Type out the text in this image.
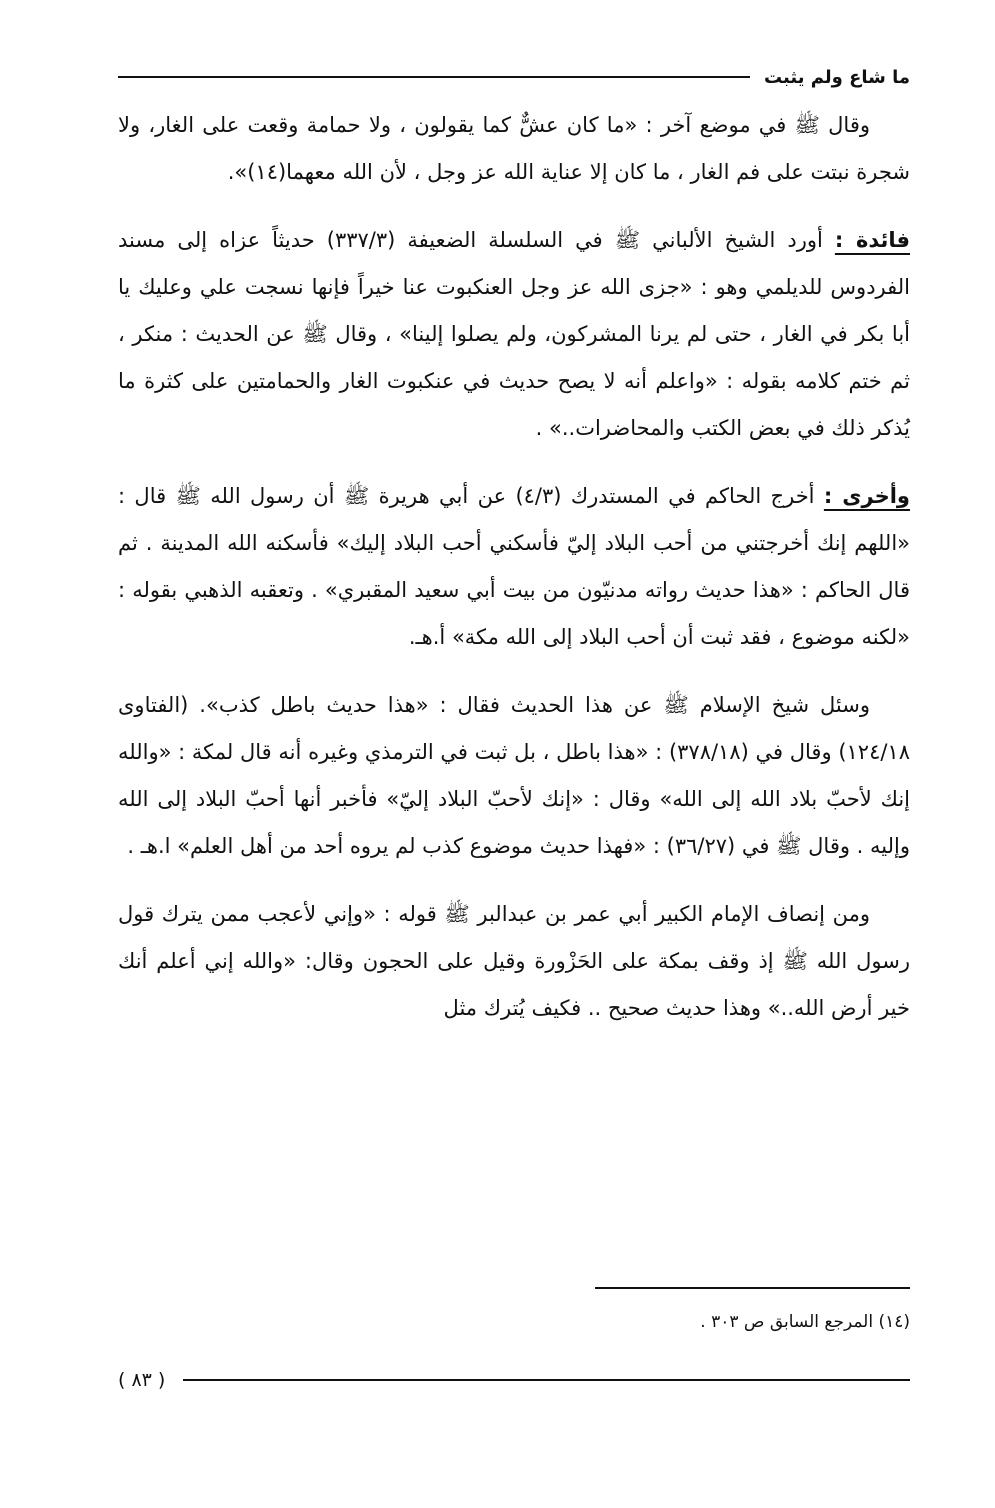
ما شاع ولم يثبت

وقال ﷺ في موضع آخر : «ما كان عشٌّ كما يقولون ، ولا حمامة وقعت على الغار، ولا شجرة نبتت على فم الغار ، ما كان إلا عناية الله عز وجل ، لأن الله معهما(١٤)».

فائدة : أورد الشيخ الألباني ﷺ في السلسلة الضعيفة (٣٣٧/٣) حديثاً عزاه إلى مسند الفردوس للديلمي وهو : «جزى الله عز وجل العنكبوت عنا خيراً فإنها نسجت علي وعليك يا أبا بكر في الغار ، حتى لم يرنا المشركون، ولم يصلوا إلينا» ، وقال ﷺ عن الحديث : منكر ، ثم ختم كلامه بقوله : «واعلم أنه لا يصح حديث في عنكبوت الغار والحمامتين على كثرة ما يُذكر ذلك في بعض الكتب والمحاضرات..» .

وأخرى : أخرج الحاكم في المستدرك (٤/٣) عن أبي هريرة ﷺ أن رسول الله ﷺ قال : «اللهم إنك أخرجتني من أحب البلاد إليّ فأسكني أحب البلاد إليك» فأسكنه الله المدينة . ثم قال الحاكم : «هذا حديث رواته مدنيّون من بيت أبي سعيد المقبري» . وتعقبه الذهبي بقوله : «لكنه موضوع ، فقد ثبت أن أحب البلاد إلى الله مكة» أ.هـ.

وسئل شيخ الإسلام ﷺ عن هذا الحديث فقال : «هذا حديث باطل كذب». (الفتاوى ١٢٤/١٨) وقال في (٣٧٨/١٨) : «هذا باطل ، بل ثبت في الترمذي وغيره أنه قال لمكة : «والله إنك لأحبّ بلاد الله إلى الله» وقال : «إنك لأحبّ البلاد إليّ» فأخبر أنها أحبّ البلاد إلى الله وإليه . وقال ﷺ في (٣٦/٢٧) : «فهذا حديث موضوع كذب لم يروه أحد من أهل العلم» ا.هـ .

ومن إنصاف الإمام الكبير أبي عمر بن عبدالبر ﷺ قوله : «وإني لأعجب ممن يترك قول رسول الله ﷺ إذ وقف بمكة على الحَزْورة وقيل على الحجون وقال: «والله إني أعلم أنك خير أرض الله..» وهذا حديث صحيح .. فكيف يُترك مثل

(١٤) المرجع السابق ص ٣٠٣ .
( ٨٣ )
